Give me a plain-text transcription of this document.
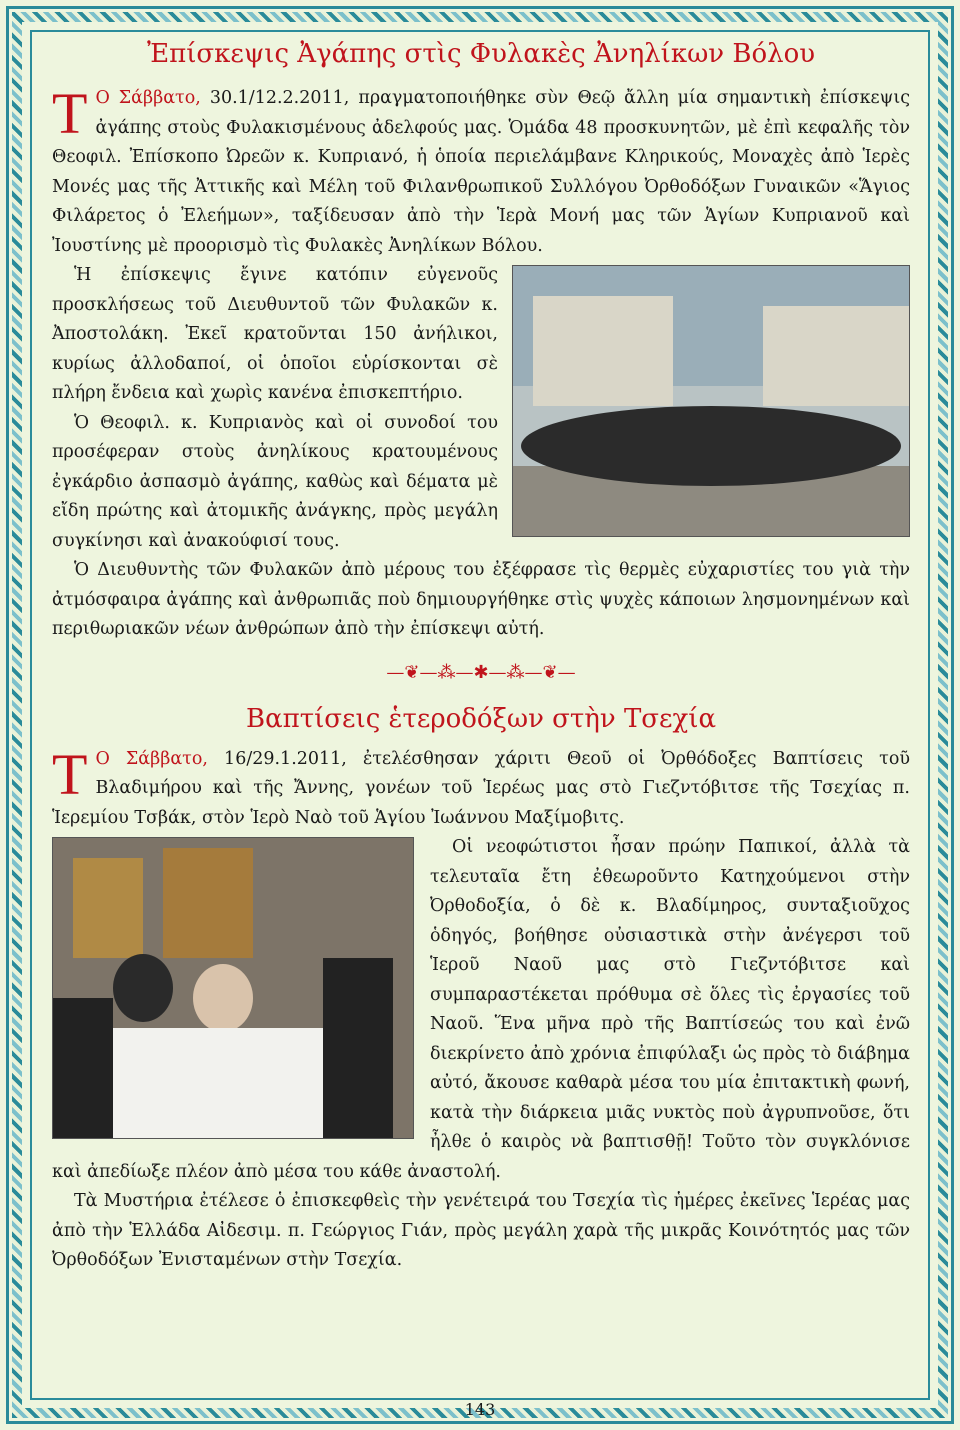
Ἐπίσκεψις Ἀγάπης στὶς Φυλακὲς Ἀνηλίκων Βόλου

Τ Ο Σάββατο, 30.1/12.2.2011, πραγματοποιήθηκε σὺν Θεῷ ἄλλη μία σημαντικὴ ἐπίσκεψις ἀγάπης στοὺς Φυλακισμένους ἀδελφούς μας. Ὁμάδα 48 προσκυνητῶν, μὲ ἐπὶ κεφαλῆς τὸν Θεοφιλ. Ἐπίσκοπο Ὠρεῶν κ. Κυπριανό, ἡ ὁποία περιελάμβανε Κληρικούς, Μοναχὲς ἀπὸ Ἱερὲς Μονές μας τῆς Ἀττικῆς καὶ Μέλη τοῦ Φιλανθρωπικοῦ Συλλόγου Ὀρθοδόξων Γυναικῶν «Ἅγιος Φιλάρετος ὁ Ἐλεήμων», ταξίδευσαν ἀπὸ τὴν Ἱερὰ Μονή μας τῶν Ἁγίων Κυπριανοῦ καὶ Ἰουστίνης μὲ προορισμὸ τὶς Φυλακὲς Ἀνηλίκων Βόλου.

Ἡ ἐπίσκεψις ἔγινε κατόπιν εὐγενοῦς προσκλήσεως τοῦ Διευθυντοῦ τῶν Φυλακῶν κ. Ἀποστολάκη. Ἐκεῖ κρατοῦνται 150 ἀνήλικοι, κυρίως ἀλλοδαποί, οἱ ὁποῖοι εὑρίσκονται σὲ πλήρη ἔνδεια καὶ χωρὶς κανένα ἐπισκεπτήριο.

Ὁ Θεοφιλ. κ. Κυπριανὸς καὶ οἱ συνοδοί του προσέφεραν στοὺς ἀνηλίκους κρατουμένους ἐγκάρδιο ἀσπασμὸ ἀγάπης, καθὼς καὶ δέματα μὲ εἴδη πρώτης καὶ ἀτομικῆς ἀνάγκης, πρὸς μεγάλη συγκίνησι καὶ ἀνακούφισί τους.

Ὁ Διευθυντὴς τῶν Φυλακῶν ἀπὸ μέρους του ἐξέφρασε τὶς θερμὲς εὐχαριστίες του γιὰ τὴν ἀτμόσφαιρα ἀγάπης καὶ ἀνθρωπιᾶς ποὺ δημιουργήθηκε στὶς ψυχὲς κάποιων λησμονημένων καὶ περιθωριακῶν νέων ἀνθρώπων ἀπὸ τὴν ἐπίσκεψι αὐτή.

—❦—⁂—✱—⁂—❦—
Βαπτίσεις ἑτεροδόξων στὴν Τσεχία

Τ Ο Σάββατο, 16/29.1.2011, ἐτελέσθησαν χάριτι Θεοῦ οἱ Ὀρθόδοξες Βαπτίσεις τοῦ Βλαδιμήρου καὶ τῆς Ἄννης, γονέων τοῦ Ἱερέως μας στὸ Γιεζντόβιτσε τῆς Τσεχίας π. Ἱερεμίου Τσβάκ, στὸν Ἱερὸ Ναὸ τοῦ Ἁγίου Ἰωάννου Μαξίμοβιτς.

Οἱ νεοφώτιστοι ἦσαν πρώην Παπικοί, ἀλλὰ τὰ τελευταῖα ἔτη ἐθεωροῦντο Κατηχούμενοι στὴν Ὀρθοδοξία, ὁ δὲ κ. Βλαδίμηρος, συνταξιοῦχος ὁδηγός, βοήθησε οὐσιαστικὰ στὴν ἀνέγερσι τοῦ Ἱεροῦ Ναοῦ μας στὸ Γιεζντόβιτσε καὶ συμπαραστέκεται πρόθυμα σὲ ὅλες τὶς ἐργασίες τοῦ Ναοῦ. Ἕνα μῆνα πρὸ τῆς Βαπτίσεώς του καὶ ἐνῶ διεκρίνετο ἀπὸ χρόνια ἐπιφύλαξι ὡς πρὸς τὸ διάβημα αὐτό, ἄκουσε καθαρὰ μέσα του μία ἐπιτακτικὴ φωνή, κατὰ τὴν διάρκεια μιᾶς νυκτὸς ποὺ ἀγρυπνοῦσε, ὅτι ἦλθε ὁ καιρὸς νὰ βαπτισθῇ! Τοῦτο τὸν συγκλόνισε καὶ ἀπεδίωξε πλέον ἀπὸ μέσα του κάθε ἀναστολή.

Τὰ Μυστήρια ἐτέλεσε ὁ ἐπισκεφθεὶς τὴν γενέτειρά του Τσεχία τὶς ἡμέρες ἐκεῖνες Ἱερέας μας ἀπὸ τὴν Ἑλλάδα Αἰδεσιμ. π. Γεώργιος Γιάν, πρὸς μεγάλη χαρὰ τῆς μικρᾶς Κοινότητός μας τῶν Ὀρθοδόξων Ἐνισταμένων στὴν Τσεχία.

143
